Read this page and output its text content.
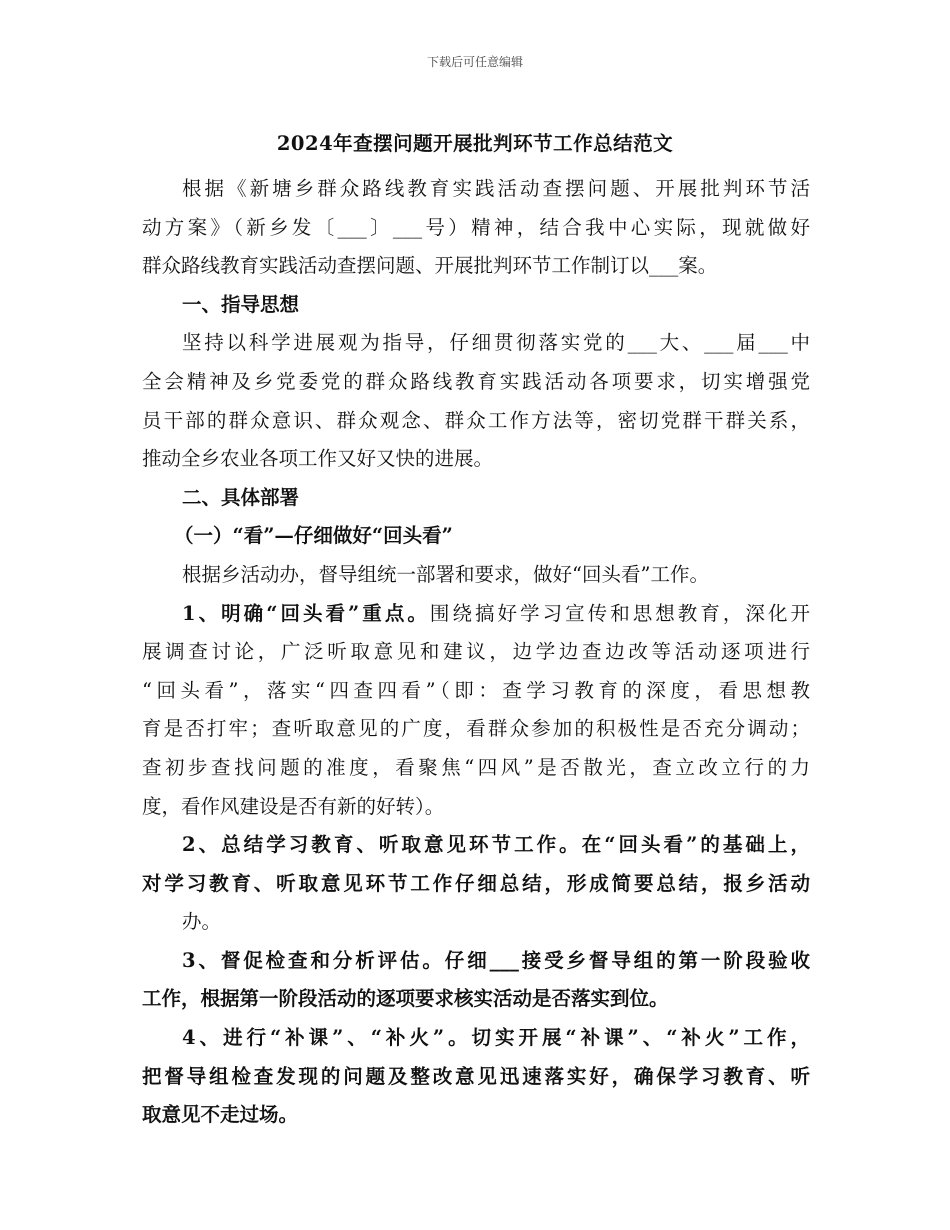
下载后可任意编辑
2024年查摆问题开展批判环节工作总结范文
根据《新塘乡群众路线教育实践活动查摆问题、开展批判环节活
动方案》（新乡发〔___〕___号）精神，结合我中心实际，现就做好
群众路线教育实践活动查摆问题、开展批判环节工作制订以___案。
一、指导思想
坚持以科学进展观为指导，仔细贯彻落实党的___大、___届___中
全会精神及乡党委党的群众路线教育实践活动各项要求，切实增强党
员干部的群众意识、群众观念、群众工作方法等，密切党群干群关系，
推动全乡农业各项工作又好又快的进展。
二、具体部署
（一）“看”—仔细做好“回头看”
根据乡活动办，督导组统一部署和要求，做好“回头看”工作。
1、明确“回头看”重点。围绕搞好学习宣传和思想教育，深化开
展调查讨论，广泛听取意见和建议，边学边查边改等活动逐项进行
“回头看”，落实“四查四看”（即：查学习教育的深度，看思想教
育是否打牢；查听取意见的广度，看群众参加的积极性是否充分调动；
查初步查找问题的准度，看聚焦“四风”是否散光，查立改立行的力
度，看作风建设是否有新的好转）。
2、总结学习教育、听取意见环节工作。在“回头看”的基础上，
对学习教育、听取意见环节工作仔细总结，形成简要总结，报乡活动
办。
3、督促检查和分析评估。仔细___接受乡督导组的第一阶段验收
工作，根据第一阶段活动的逐项要求核实活动是否落实到位。
4、进行“补课”、“补火”。切实开展“补课”、“补火”工作，
把督导组检查发现的问题及整改意见迅速落实好，确保学习教育、听
取意见不走过场。
